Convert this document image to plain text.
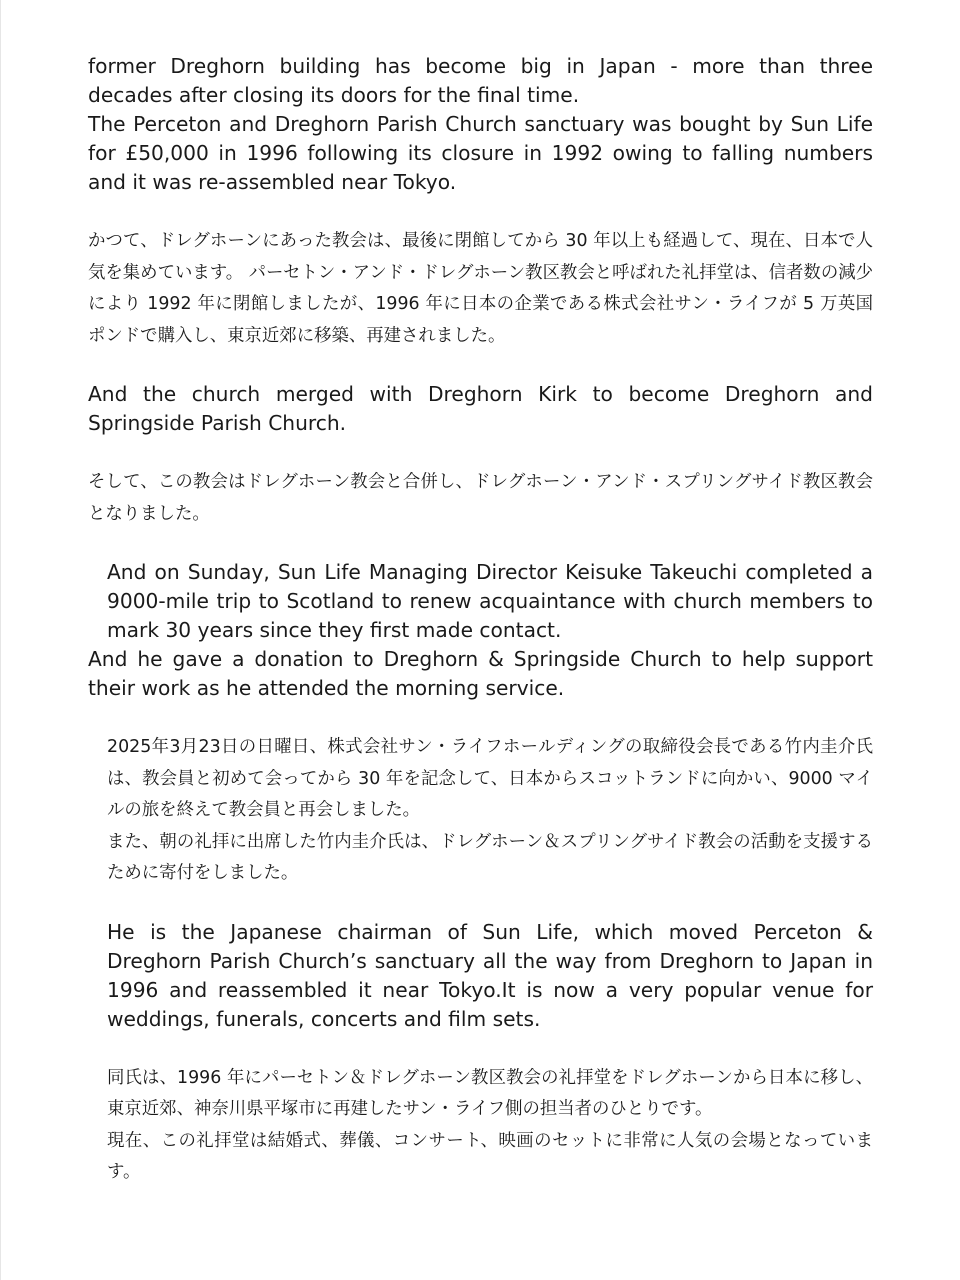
former Dreghorn building has become big in Japan - more than three decades after closing its doors for the final time.

The Perceton and Dreghorn Parish Church sanctuary was bought by Sun Life for £50,000 in 1996 following its closure in 1992 owing to falling numbers and it was re-assembled near Tokyo.

かつて、ドレグホーンにあった教会は、最後に閉館してから 30 年以上も経過して、現在、日本で人気を集めています。 パーセトン・アンド・ドレグホーン教区教会と呼ばれた礼拝堂は、信者数の減少により 1992 年に閉館しましたが、1996 年に日本の企業である株式会社サン・ライフが 5 万英国ポンドで購入し、東京近郊に移築、再建されました。

And the church merged with Dreghorn Kirk to become Dreghorn and Springside Parish Church.

そして、この教会はドレグホーン教会と合併し、ドレグホーン・アンド・スプリングサイド教区教会となりました。

And on Sunday, Sun Life Managing Director Keisuke Takeuchi completed a 9000-mile trip to Scotland to renew acquaintance with church members to mark 30 years since they first made contact.

And he gave a donation to Dreghorn & Springside Church to help support their work as he attended the morning service.

2025年3月23日の日曜日、株式会社サン・ライフホールディングの取締役会長である竹内圭介氏は、教会員と初めて会ってから 30 年を記念して、日本からスコットランドに向かい、9000 マイルの旅を終えて教会員と再会しました。

また、朝の礼拝に出席した竹内圭介氏は、ドレグホーン＆スプリングサイド教会の活動を支援するために寄付をしました。

He is the Japanese chairman of Sun Life, which moved Perceton & Dreghorn Parish Church’s sanctuary all the way from Dreghorn to Japan in 1996 and reassembled it near Tokyo.It is now a very popular venue for weddings, funerals, concerts and film sets.

同氏は、1996 年にパーセトン＆ドレグホーン教区教会の礼拝堂をドレグホーンから日本に移し、東京近郊、神奈川県平塚市に再建したサン・ライフ側の担当者のひとりです。

現在、この礼拝堂は結婚式、葬儀、コンサート、映画のセットに非常に人気の会場となっています。
